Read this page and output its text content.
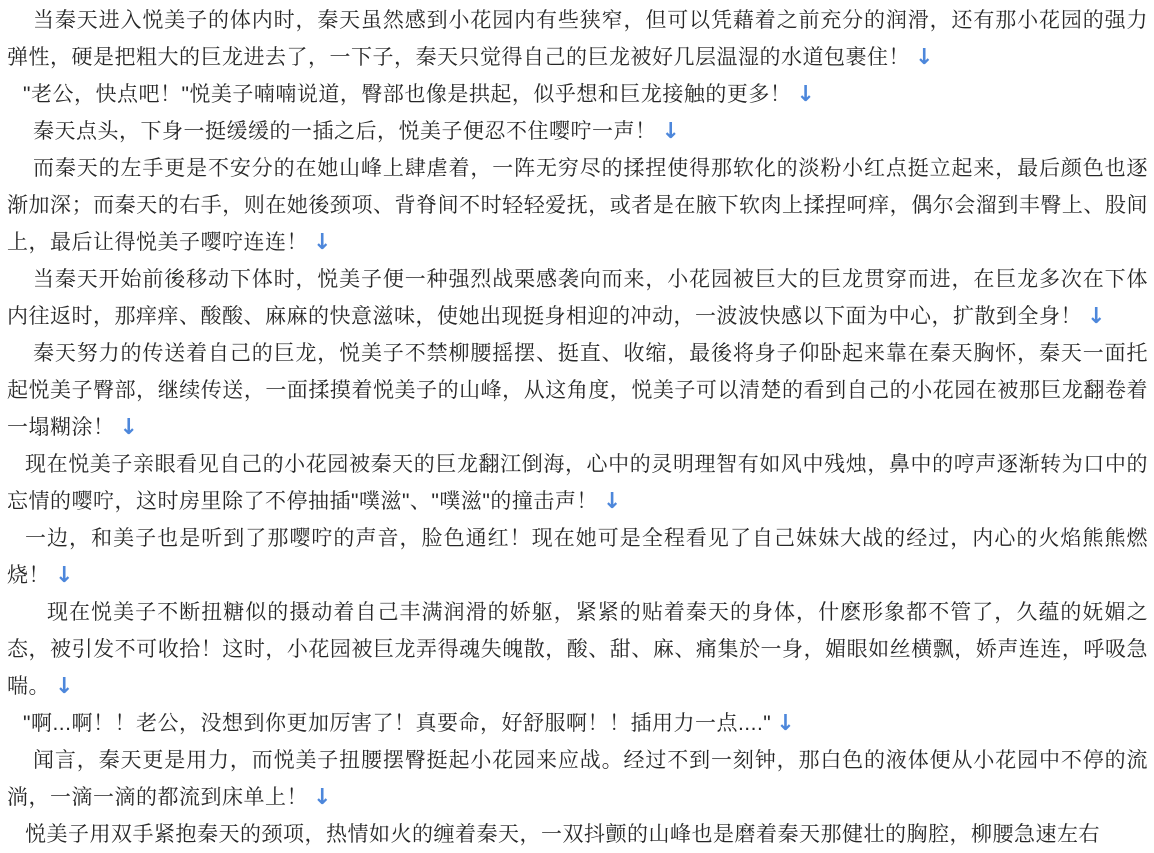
当秦天进入悦美子的体内时，秦天虽然感到小花园内有些狭窄，但可以凭藉着之前充分的润滑，还有那小花园的强力弹性，硬是把粗大的巨龙进去了，一下子，秦天只觉得自己的巨龙被好几层温湿的水道包裹住！ ↓

"老公，快点吧！"悦美子喃喃说道，臀部也像是拱起，似乎想和巨龙接触的更多！ ↓

秦天点头，下身一挺缓缓的一插之后，悦美子便忍不住嘤咛一声！ ↓

而秦天的左手更是不安分的在她山峰上肆虐着，一阵无穷尽的揉捏使得那软化的淡粉小红点挺立起来，最后颜色也逐渐加深；而秦天的右手，则在她後颈项、背脊间不时轻轻爱抚，或者是在腋下软肉上揉捏呵痒，偶尔会溜到丰臀上、股间上，最后让得悦美子嘤咛连连！ ↓

当秦天开始前後移动下体时，悦美子便一种强烈战栗感袭向而来，小花园被巨大的巨龙贯穿而进，在巨龙多次在下体内往返时，那痒痒、酸酸、麻麻的快意滋味，使她出现挺身相迎的冲动，一波波快感以下面为中心，扩散到全身！ ↓

秦天努力的传送着自己的巨龙，悦美子不禁柳腰摇摆、挺直、收缩，最後将身子仰卧起来靠在秦天胸怀，秦天一面托起悦美子臀部，继续传送，一面揉摸着悦美子的山峰，从这角度，悦美子可以清楚的看到自己的小花园在被那巨龙翻卷着一塌糊涂！ ↓

现在悦美子亲眼看见自己的小花园被秦天的巨龙翻江倒海，心中的灵明理智有如风中残烛，鼻中的哼声逐渐转为口中的忘情的嘤咛，这时房里除了不停抽插"噗滋"、"噗滋"的撞击声！ ↓

一边，和美子也是听到了那嘤咛的声音，脸色通红！现在她可是全程看见了自己妹妹大战的经过，内心的火焰熊熊燃烧！ ↓

现在悦美子不断扭糖似的摄动着自己丰满润滑的娇躯，紧紧的贴着秦天的身体，什麽形象都不管了，久蕴的妩媚之态，被引发不可收拾！这时，小花园被巨龙弄得魂失魄散，酸、甜、麻、痛集於一身，媚眼如丝横飘，娇声连连，呼吸急喘。 ↓

"啊...啊！！老公，没想到你更加厉害了！真要命，好舒服啊！！插用力一点...." ↓

闻言，秦天更是用力，而悦美子扭腰摆臀挺起小花园来应战。经过不到一刻钟，那白色的液体便从小花园中不停的流淌，一滴一滴的都流到床单上！ ↓

悦美子用双手紧抱秦天的颈项，热情如火的缠着秦天，一双抖颤的山峰也是磨着秦天那健壮的胸腔，柳腰急速左右
